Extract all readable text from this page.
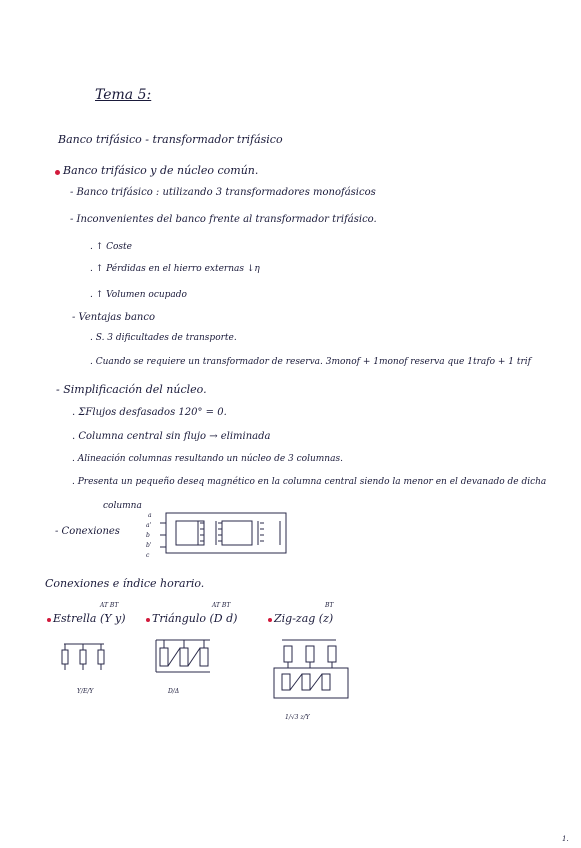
Tema 5:
Banco trifásico - transformador trifásico
Banco trifásico y de núcleo común.
- Banco trifásico : utilizando 3 transformadores monofásicos
- Inconvenientes del banco frente al transformador trifásico.
. ↑ Coste
. ↑ Pérdidas en el hierro externas ↓η
. ↑ Volumen ocupado
- Ventajas banco
. S. 3 dificultades de transporte.
. Cuando se requiere un transformador de reserva. 3monof + 1monof reserva que 1trafo + 1 trif
- Simplificación del núcleo.
. ΣFlujos desfasados 120° = 0.
. Columna central sin flujo → eliminada
. Alineación columnas resultando un núcleo de 3 columnas.
. Presenta un pequeño deseq magnético en la columna central siendo la menor en el devanado de dicha
columna
- Conexiones
a
a'
b
b'
c
Conexiones e índice horario.
AT BT
Estrella (Y y)
Y/E/Y
AT BT
Triángulo (D d)
D/Δ
BT
Zig-zag (z)
1/√3 z/Y
1.
